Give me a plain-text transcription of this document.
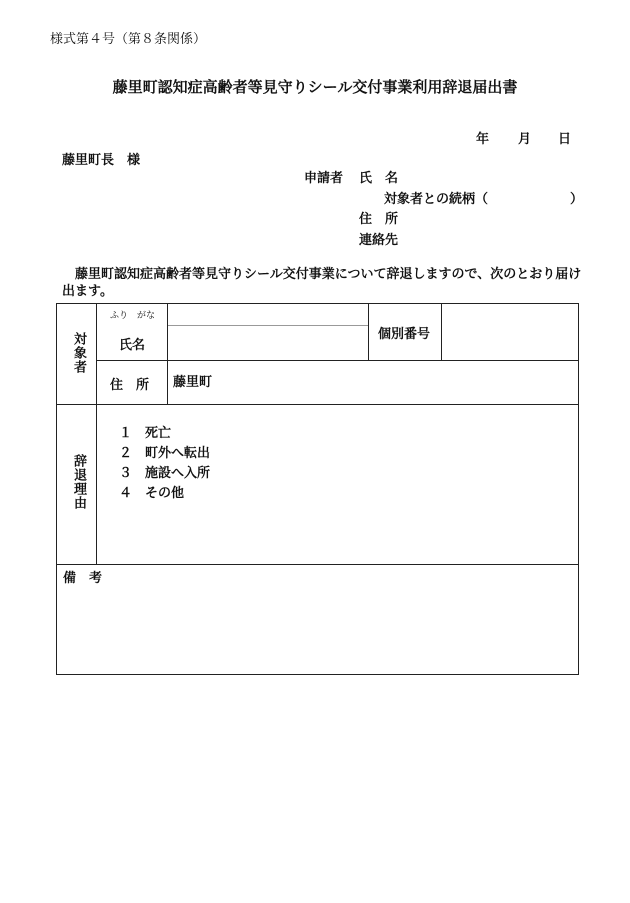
様式第４号（第８条関係）
藤里町認知症高齢者等見守りシール交付事業利用辞退届出書
年 月 日
藤里町長　様
申請者 氏　名
対象者との続柄（	）
住　所
連絡先
藤里町認知症高齢者等見守りシール交付事業について辞退しますので、次のとおり届け出ます。
対象者
ふり　がな
氏名
個別番号
住　所 藤里町
辞退理由
１ 死亡
２ 町外へ転出
３ 施設へ入所
４ その他
備　考
